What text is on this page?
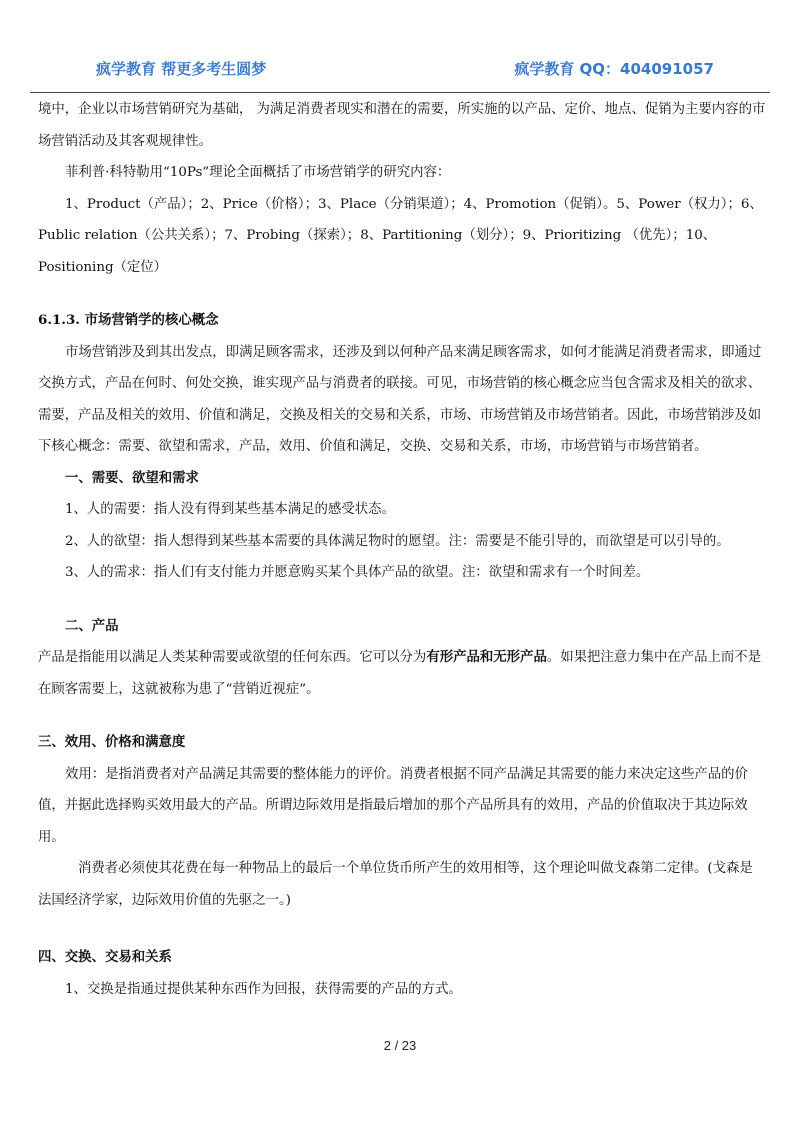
疯学教育 帮更多考生圆梦	疯学教育 QQ：404091057

境中，企业以市场营销研究为基础， 为满足消费者现实和潜在的需要，所实施的以产品、定价、地点、促销为主要内容的市场营销活动及其客观规律性。

菲利普·科特勒用“10Ps”理论全面概括了市场营销学的研究内容：

1、Product（产品）；2、Price（价格）；3、Place（分销渠道）；4、Promotion（促销）。5、Power（权力）；6、Public relation（公共关系）；7、Probing（探索）；8、Partitioning（划分）；9、Prioritizing （优先）；10、Positioning（定位）

6.1.3. 市场营销学的核心概念

市场营销涉及到其出发点，即满足顾客需求，还涉及到以何种产品来满足顾客需求，如何才能满足消费者需求，即通过交换方式，产品在何时、何处交换，谁实现产品与消费者的联接。可见，市场营销的核心概念应当包含需求及相关的欲求、需要，产品及相关的效用、价值和满足，交换及相关的交易和关系，市场、市场营销及市场营销者。因此，市场营销涉及如下核心概念：需要、欲望和需求，产品，效用、价值和满足，交换、交易和关系，市场，市场营销与市场营销者。

一、需要、欲望和需求

1、人的需要：指人没有得到某些基本满足的感受状态。

2、人的欲望：指人想得到某些基本需要的具体满足物时的愿望。注：需要是不能引导的，而欲望是可以引导的。

3、人的需求：指人们有支付能力并愿意购买某个具体产品的欲望。注：欲望和需求有一个时间差。

二、产品

产品是指能用以满足人类某种需要或欲望的任何东西。它可以分为有形产品和无形产品。如果把注意力集中在产品上而不是在顾客需要上，这就被称为患了“营销近视症”。

三、效用、价格和满意度

效用：是指消费者对产品满足其需要的整体能力的评价。消费者根据不同产品满足其需要的能力来决定这些产品的价值，并据此选择购买效用最大的产品。所谓边际效用是指最后增加的那个产品所具有的效用，产品的价值取决于其边际效用。

消费者必须使其花费在每一种物品上的最后一个单位货币所产生的效用相等，这个理论叫做戈森第二定律。(戈森是法国经济学家，边际效用价值的先驱之一。)

四、交换、交易和关系

1、交换是指通过提供某种东西作为回报，获得需要的产品的方式。

2 / 23
